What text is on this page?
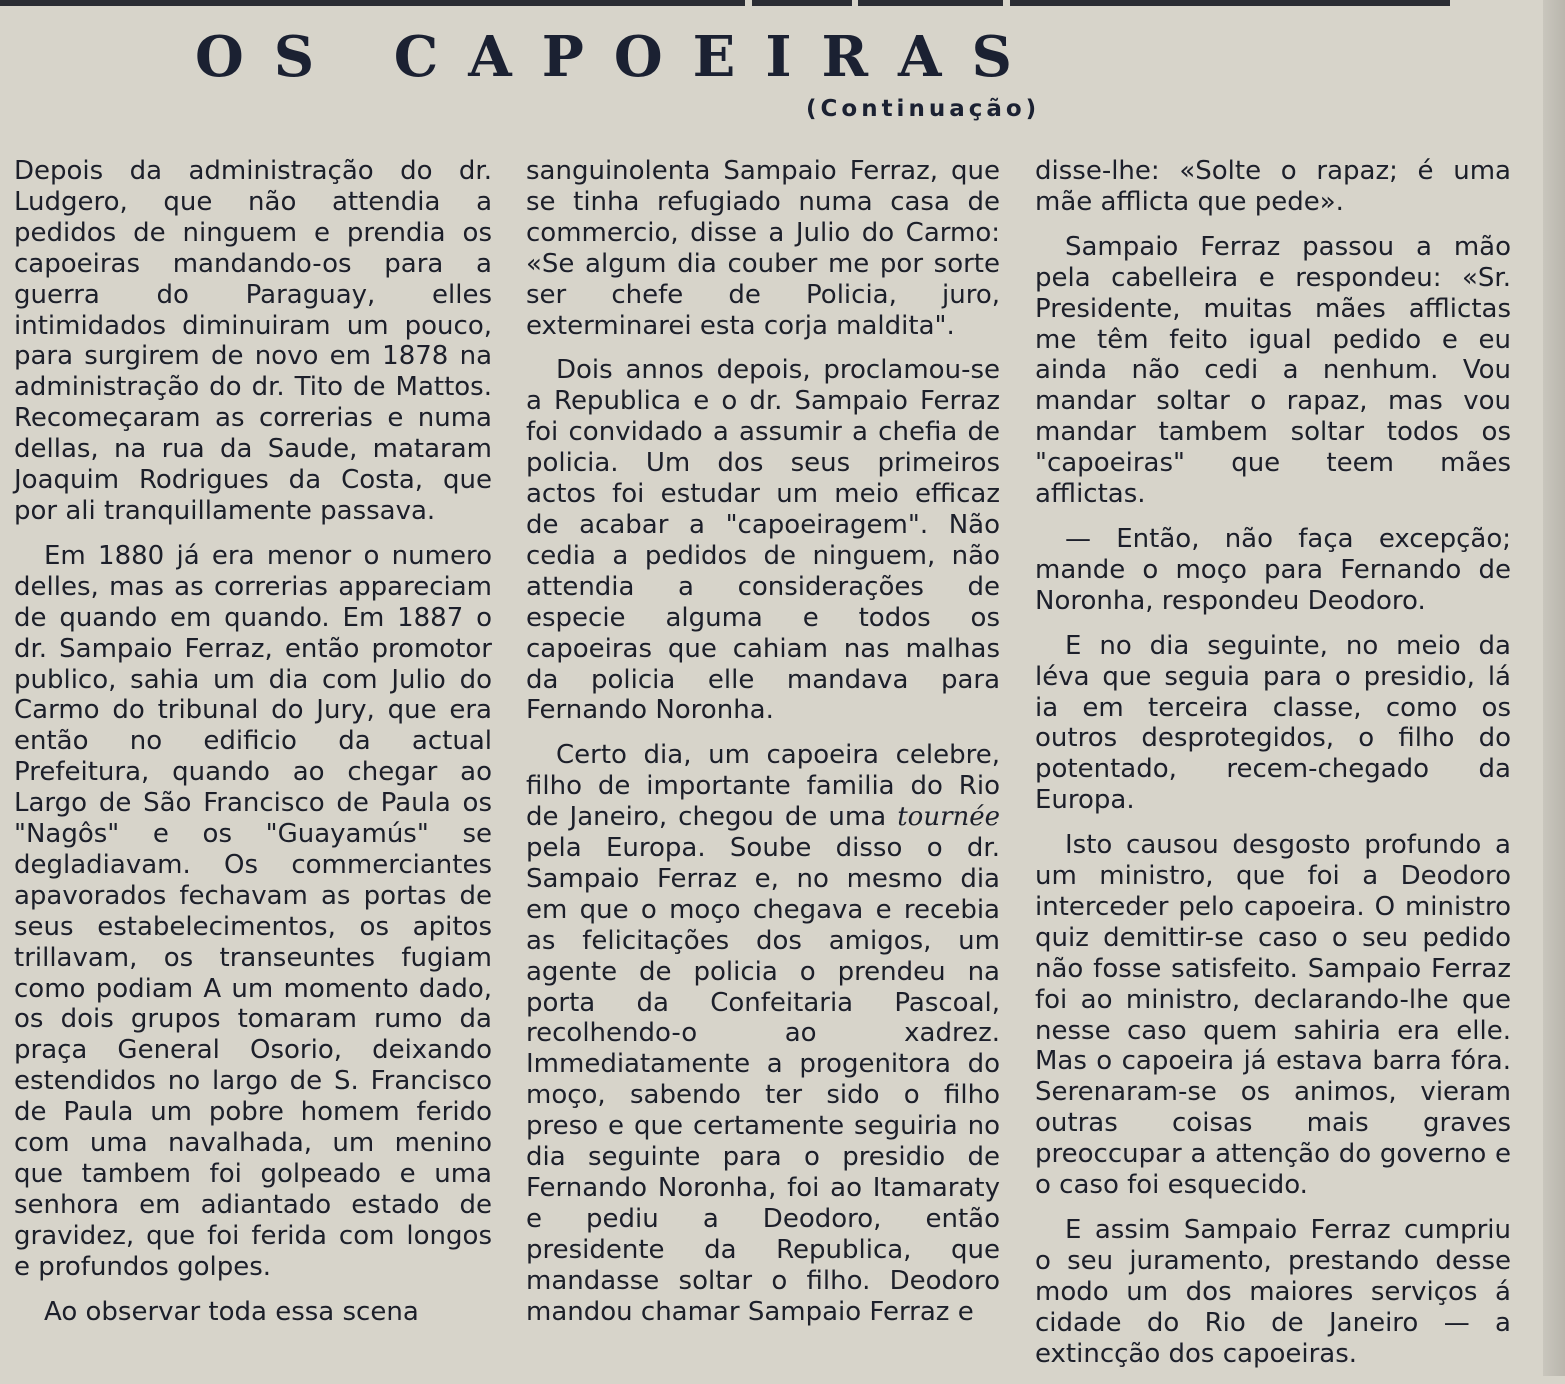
OS CAPOEIRAS
(Continuação)

Depois da administração do dr. Ludgero, que não attendia a pedidos de ninguem e prendia os capoeiras mandando-os para a guerra do Paraguay, elles intimidados diminuiram um pouco, para surgirem de novo em 1878 na administração do dr. Tito de Mattos. Recomeçaram as correrias e numa dellas, na rua da Saude, mataram Joaquim Rodrigues da Costa, que por ali tranquillamente passava.

Em 1880 já era menor o numero delles, mas as correrias appareciam de quando em quando. Em 1887 o dr. Sampaio Ferraz, então promotor publico, sahia um dia com Julio do Carmo do tribunal do Jury, que era então no edificio da actual Prefeitura, quando ao chegar ao Largo de São Francisco de Paula os "Nagôs" e os "Guayamús" se degladiavam. Os commerciantes apavorados fechavam as portas de seus estabelecimentos, os apitos trillavam, os transeuntes fugiam como podiam A um momento dado, os dois grupos tomaram rumo da praça General Osorio, deixando estendidos no largo de S. Francisco de Paula um pobre homem ferido com uma navalhada, um menino que tambem foi golpeado e uma senhora em adiantado estado de gravidez, que foi ferida com longos e profundos golpes.

Ao observar toda essa scena

sanguinolenta Sampaio Ferraz, que se tinha refugiado numa casa de commercio, disse a Julio do Carmo: «Se algum dia couber me por sorte ser chefe de Policia, juro, exterminarei esta corja maldita".

Dois annos depois, proclamou-se a Republica e o dr. Sampaio Ferraz foi convidado a assumir a chefia de policia. Um dos seus primeiros actos foi estudar um meio efficaz de acabar a "capoeiragem". Não cedia a pedidos de ninguem, não attendia a considerações de especie alguma e todos os capoeiras que cahiam nas malhas da policia elle mandava para Fernando Noronha.

Certo dia, um capoeira celebre, filho de importante familia do Rio de Janeiro, chegou de uma tournée pela Europa. Soube disso o dr. Sampaio Ferraz e, no mesmo dia em que o moço chegava e recebia as felicitações dos amigos, um agente de policia o prendeu na porta da Confeitaria Pascoal, recolhendo-o ao xadrez. Immediatamente a progenitora do moço, sabendo ter sido o filho preso e que certamente seguiria no dia seguinte para o presidio de Fernando Noronha, foi ao Itamaraty e pediu a Deodoro, então presidente da Republica, que mandasse soltar o filho. Deodoro mandou chamar Sampaio Ferraz e

disse-lhe: «Solte o rapaz; é uma mãe afflicta que pede».

Sampaio Ferraz passou a mão pela cabelleira e respondeu: «Sr. Presidente, muitas mães afflictas me têm feito igual pedido e eu ainda não cedi a nenhum. Vou mandar soltar o rapaz, mas vou mandar tambem soltar todos os "capoeiras" que teem mães afflictas.

— Então, não faça excepção; mande o moço para Fernando de Noronha, respondeu Deodoro.

E no dia seguinte, no meio da léva que seguia para o presidio, lá ia em terceira classe, como os outros desprotegidos, o filho do potentado, recem-chegado da Europa.

Isto causou desgosto profundo a um ministro, que foi a Deodoro interceder pelo capoeira. O ministro quiz demittir-se caso o seu pedido não fosse satisfeito. Sampaio Ferraz foi ao ministro, declarando-lhe que nesse caso quem sahiria era elle. Mas o capoeira já estava barra fóra. Serenaram-se os animos, vieram outras coisas mais graves preoccupar a attenção do governo e o caso foi esquecido.

E assim Sampaio Ferraz cumpriu o seu juramento, prestando desse modo um dos maiores serviços á cidade do Rio de Janeiro — a extincção dos capoeiras.
